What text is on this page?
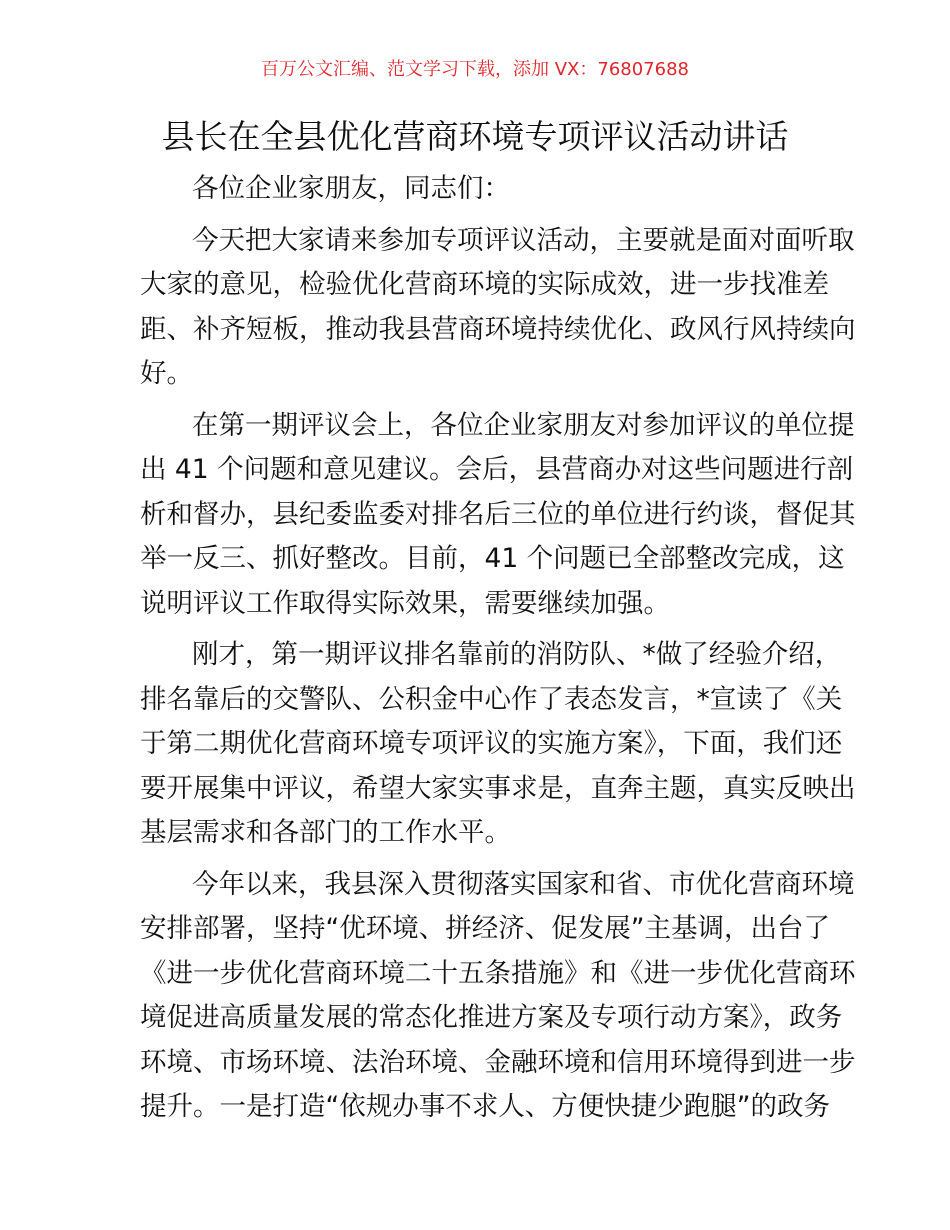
百万公文汇编、范文学习下载，添加 VX：76807688
县长在全县优化营商环境专项评议活动讲话
各位企业家朋友，同志们：
今天把大家请来参加专项评议活动，主要就是面对面听取
大家的意见，检验优化营商环境的实际成效，进一步找准差
距、补齐短板，推动我县营商环境持续优化、政风行风持续向
好。
在第一期评议会上，各位企业家朋友对参加评议的单位提
出 41 个问题和意见建议。会后，县营商办对这些问题进行剖
析和督办，县纪委监委对排名后三位的单位进行约谈，督促其
举一反三、抓好整改。目前，41 个问题已全部整改完成，这
说明评议工作取得实际效果，需要继续加强。
刚才，第一期评议排名靠前的消防队、*做了经验介绍，
排名靠后的交警队、公积金中心作了表态发言，*宣读了《关
于第二期优化营商环境专项评议的实施方案》，下面，我们还
要开展集中评议，希望大家实事求是，直奔主题，真实反映出
基层需求和各部门的工作水平。
今年以来，我县深入贯彻落实国家和省、市优化营商环境
安排部署，坚持“优环境、拼经济、促发展”主基调，出台了
《进一步优化营商环境二十五条措施》和《进一步优化营商环
境促进高质量发展的常态化推进方案及专项行动方案》，政务
环境、市场环境、法治环境、金融环境和信用环境得到进一步
提升。一是打造“依规办事不求人、方便快捷少跑腿”的政务
